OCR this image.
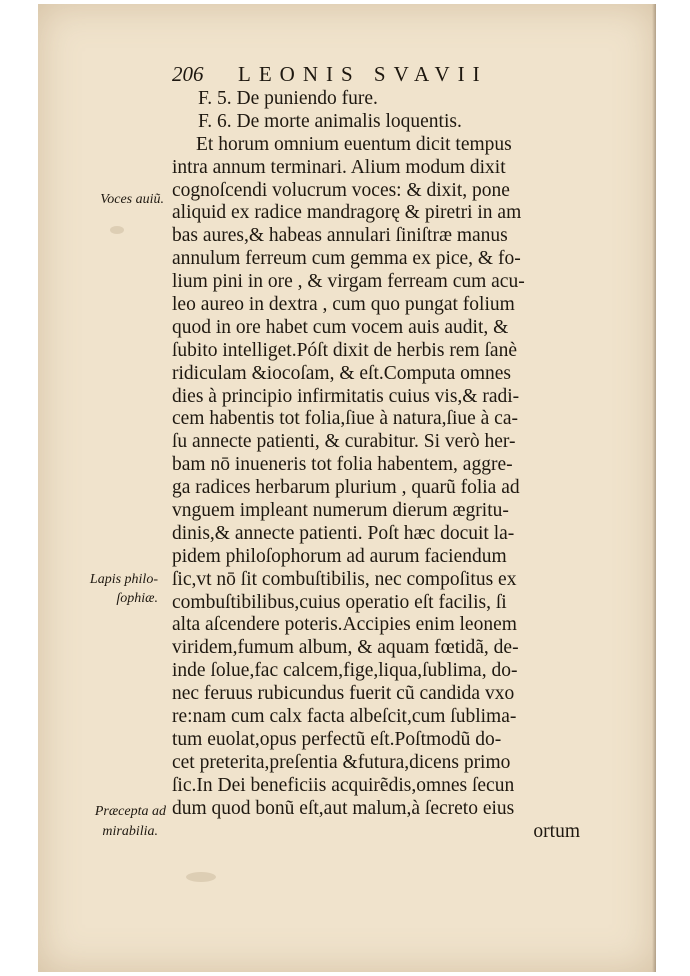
206 LEONIS SVAVII
F. 5. De puniendo fure.
F. 6. De morte animalis loquentis.
Et horum omnium euentum dicit tempus
intra annum terminari. Alium modum dixit
cognoſcendi volucrum voces: & dixit, pone
aliquid ex radice mandragorę & piretri in am
bas aures,& habeas annulari ſiniſtræ manus
annulum ferreum cum gemma ex pice, & fo-
lium pini in ore , & virgam ferream cum acu-
leo aureo in dextra , cum quo pungat folium
quod in ore habet cum vocem auis audit, &
ſubito intelliget.Póſt dixit de herbis rem ſanè
ridiculam &iocoſam, & eſt.Computa omnes
dies à principio infirmitatis cuius vis,& radi-
cem habentis tot folia,ſiue à natura,ſiue à ca-
ſu annecte patienti, & curabitur. Si verò her-
bam nō inueneris tot folia habentem, aggre-
ga radices herbarum plurium , quarũ folia ad
vnguem impleant numerum dierum ægritu-
dinis,& annecte patienti. Poſt hæc docuit la-
pidem philoſophorum ad aurum faciendum
ſic,vt nō ſit combuſtibilis, nec compoſitus ex
combuſtibilibus,cuius operatio eſt facilis, ſi
alta aſcendere poteris.Accipies enim leonem
viridem,fumum album, & aquam fœtidã, de-
inde ſolue,fac calcem,fige,liqua,ſublima, do-
nec feruus rubicundus fuerit cũ candida vxo
re:nam cum calx facta albeſcit,cum ſublima-
tum euolat,opus perfectũ eſt.Poſtmodũ do-
cet preterita,preſentia &futura,dicens primo
ſic.In Dei beneficiis acquirẽdis,omnes ſecun
dum quod bonũ eſt,aut malum,à ſecreto eius
ortum
Voces auiũ.
Lapis philo-
ſophiæ.
Præcepta ad
mirabilia.
